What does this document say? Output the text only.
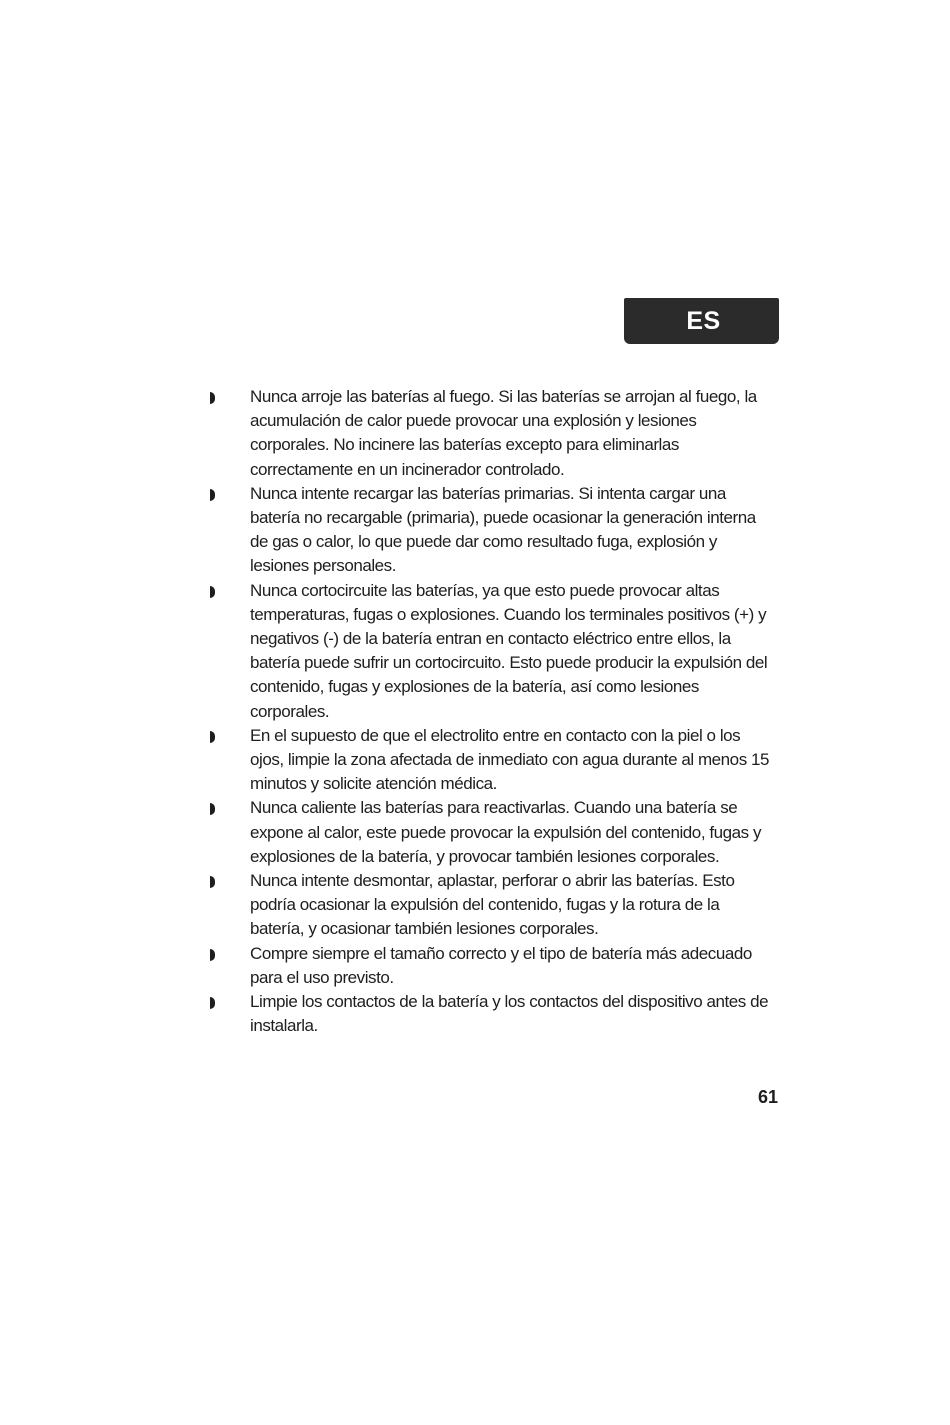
ES
Nunca arroje las baterías al fuego. Si las baterías se arrojan al fuego, la acumulación de calor puede provocar una explosión y lesiones corporales. No incinere las baterías excepto para eliminarlas correctamente en un incinerador controlado.
Nunca intente recargar las baterías primarias. Si intenta cargar una batería no recargable (primaria), puede ocasionar la generación interna de gas o calor, lo que puede dar como resultado fuga, explosión y lesiones personales.
Nunca cortocircuite las baterías, ya que esto puede provocar altas temperaturas, fugas o explosiones. Cuando los terminales positivos (+) y negativos (-) de la batería entran en contacto eléctrico entre ellos, la batería puede sufrir un cortocircuito. Esto puede producir la expulsión del contenido, fugas y explosiones de la batería, así como lesiones corporales.
En el supuesto de que el electrolito entre en contacto con la piel o los ojos, limpie la zona afectada de inmediato con agua durante al menos 15 minutos y solicite atención médica.
Nunca caliente las baterías para reactivarlas. Cuando una batería se expone al calor, este puede provocar la expulsión del contenido, fugas y explosiones de la batería, y provocar también lesiones corporales.
Nunca intente desmontar, aplastar, perforar o abrir las baterías. Esto podría ocasionar la expulsión del contenido, fugas y la rotura de la batería, y ocasionar también lesiones corporales.
Compre siempre el tamaño correcto y el tipo de batería más adecuado para el uso previsto.
Limpie los contactos de la batería y los contactos del dispositivo antes de instalarla.
61
